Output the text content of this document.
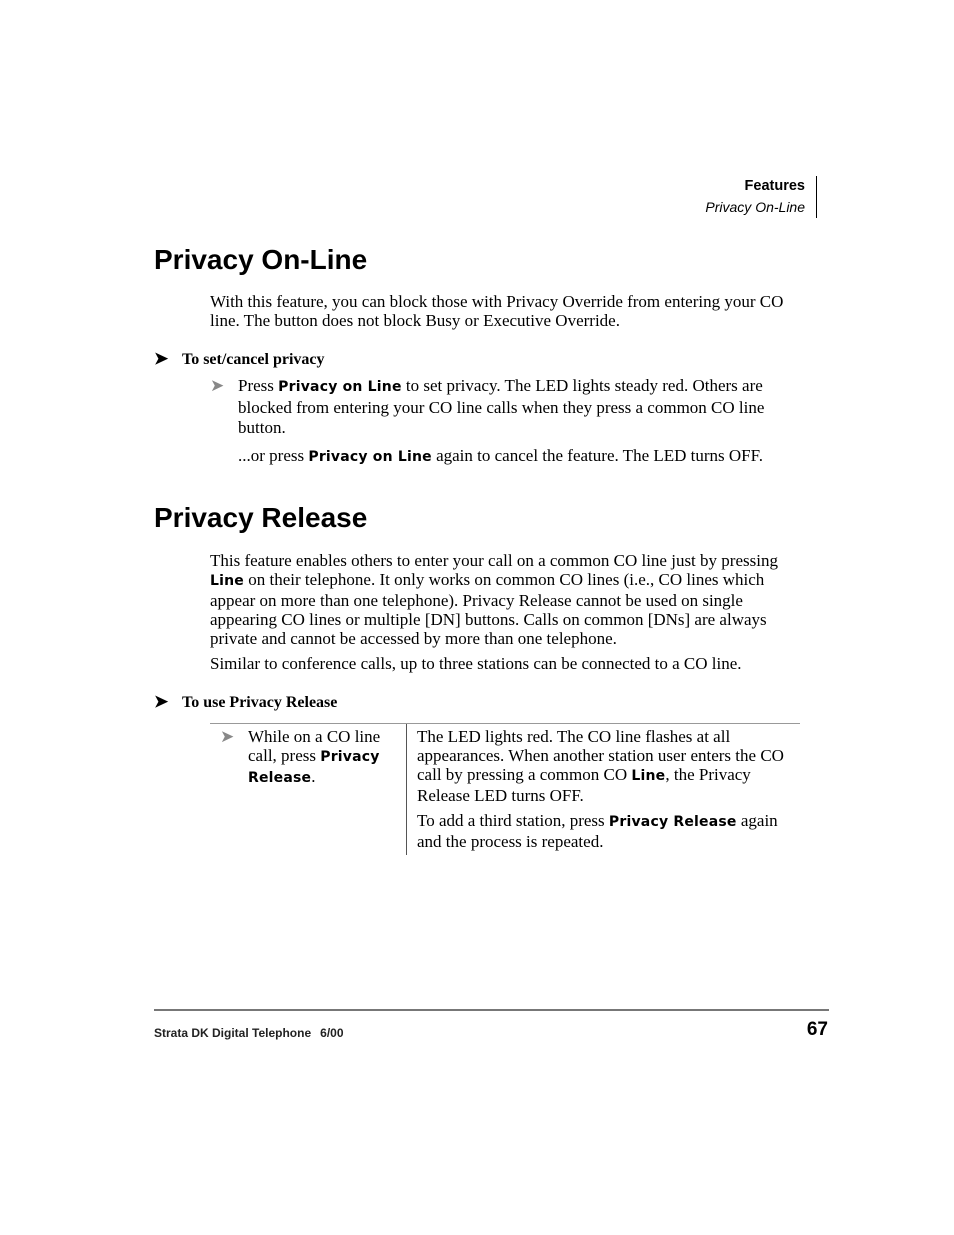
Features
Privacy On-Line
Privacy On-Line

With this feature, you can block those with Privacy Override from entering your CO line. The button does not block Busy or Executive Override.

➤ To set/cancel privacy
➤ Press Privacy on Line to set privacy. The LED lights steady red. Others are blocked from entering your CO line calls when they press a common CO line button.

...or press Privacy on Line again to cancel the feature. The LED turns OFF.

Privacy Release

This feature enables others to enter your call on a common CO line just by pressing Line on their telephone. It only works on common CO lines (i.e., CO lines which appear on more than one telephone). Privacy Release cannot be used on single appearing CO lines or multiple [DN] buttons. Calls on common [DNs] are always private and cannot be accessed by more than one telephone.

Similar to conference calls, up to three stations can be connected to a CO line.

➤ To use Privacy Release
➤ While on a CO line call, press Privacy Release.

The LED lights red. The CO line flashes at all appearances. When another station user enters the CO call by pressing a common CO Line, the Privacy Release LED turns OFF.

To add a third station, press Privacy Release again and the process is repeated.

Strata DK Digital Telephone 6/00	67
